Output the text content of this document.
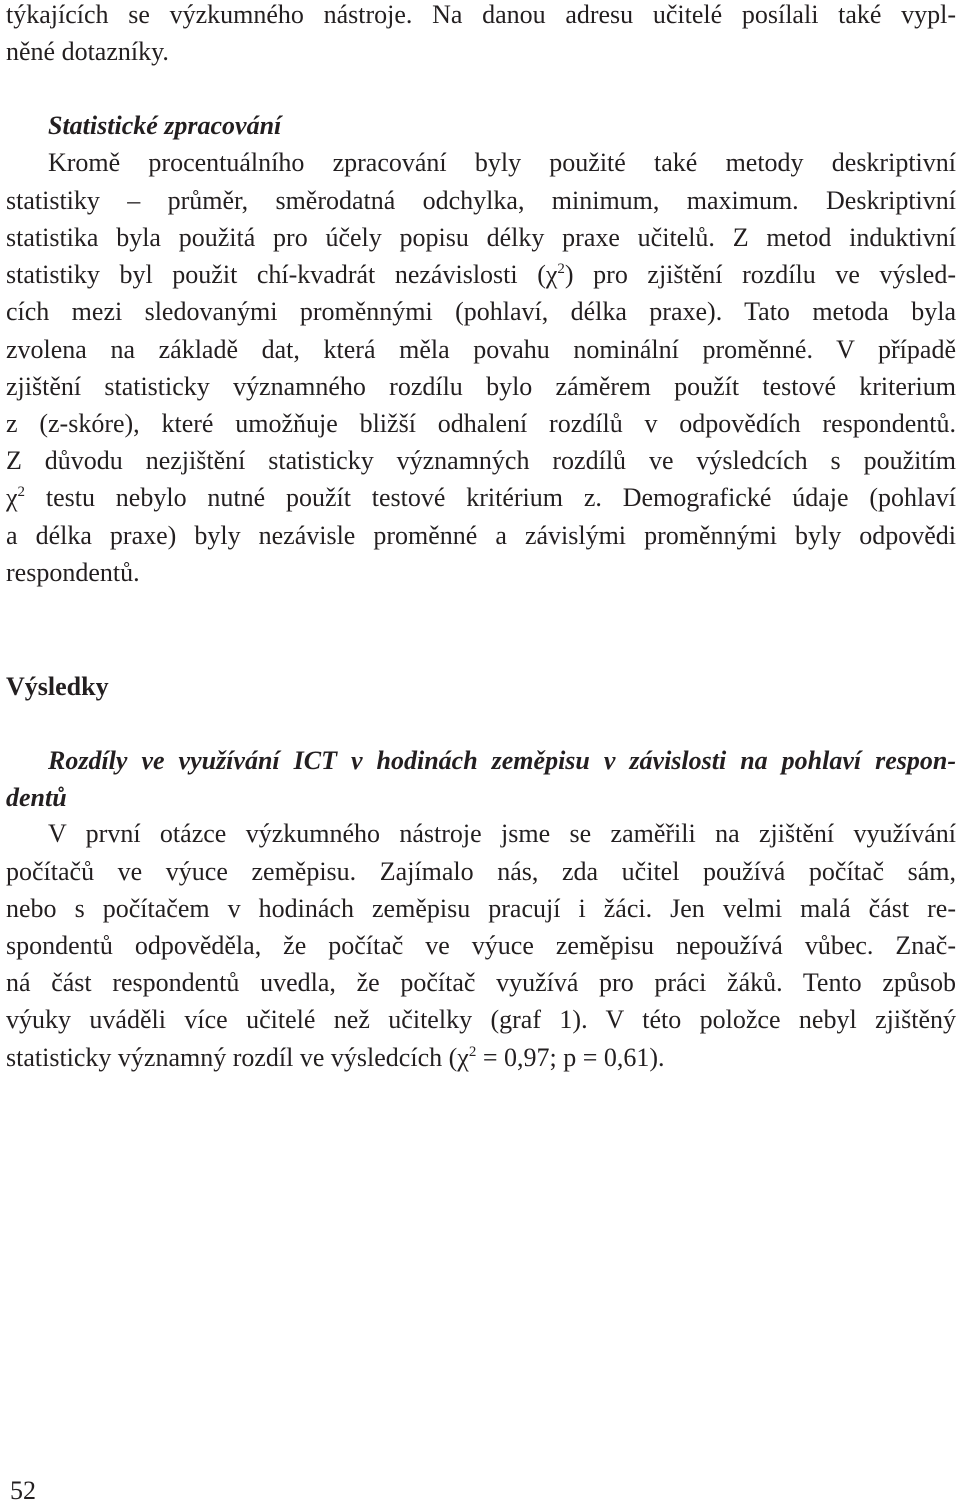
týkajících se výzkumného nástroje. Na danou adresu učitelé posílali také vypl-
něné dotazníky.
Statistické zpracování
Kromě procentuálního zpracování byly použité také metody deskriptivní
statistiky – průměr, směrodatná odchylka, minimum, maximum. Deskriptivní
statistika byla použitá pro účely popisu délky praxe učitelů. Z metod induktivní
statistiky byl použit chí-kvadrát nezávislosti $(\chi^2)$ pro zjištění rozdílu ve výsled-
cích mezi sledovanými proměnnými (pohlaví, délka praxe). Tato metoda byla
zvolena na základě dat, která měla povahu nominální proměnné. V případě
zjištění statisticky významného rozdílu bylo záměrem použít testové kriterium
z (z-skóre), které umožňuje bližší odhalení rozdílů v odpovědích respondentů.
Z důvodu nezjištění statisticky významných rozdílů ve výsledcích s použitím
$\chi^2$ testu nebylo nutné použít testové kritérium z. Demografické údaje (pohlaví
a délka praxe) byly nezávisle proměnné a závislými proměnnými byly odpovědi
respondentů.
Výsledky
Rozdíly ve využívání ICT v hodinách zeměpisu v závislosti na pohlaví respon-
dentů
V první otázce výzkumného nástroje jsme se zaměřili na zjištění využívání
počítačů ve výuce zeměpisu. Zajímalo nás, zda učitel používá počítač sám,
nebo s počítačem v hodinách zeměpisu pracují i žáci. Jen velmi malá část re-
spondentů odpověděla, že počítač ve výuce zeměpisu nepoužívá vůbec. Znač-
ná část respondentů uvedla, že počítač využívá pro práci žáků. Tento způsob
výuky uváděli více učitelé než učitelky (graf 1). V této položce nebyl zjištěný
statisticky významný rozdíl ve výsledcích ($\chi^2 = 0,97$; p = 0,61).
52
